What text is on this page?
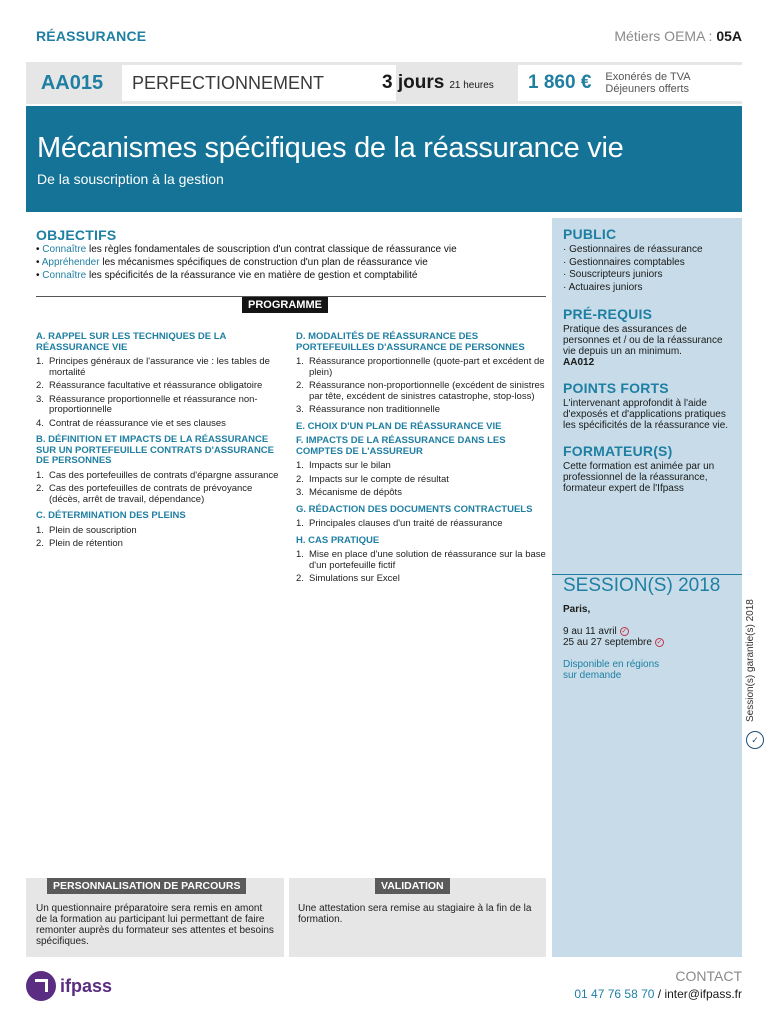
RÉASSURANCE	Métiers OEMA : 05A
AA015	PERFECTIONNEMENT	3 jours 21 heures 1 860 € Exonérés de TVA
Déjeuners offerts
Mécanismes spécifiques de la réassurance vie
De la souscription à la gestion
OBJECTIFS
• Connaître les règles fondamentales de souscription d'un contrat classique de réassurance vie
• Appréhender les mécanismes spécifiques de construction d'un plan de réassurance vie
• Connaître les spécificités de la réassurance vie en matière de gestion et comptabilité
PROGRAMME
A. RAPPEL SUR LES TECHNIQUES DE LA RÉASSURANCE VIE
1. Principes généraux de l'assurance vie : les tables de mortalité
2. Réassurance facultative et réassurance obligatoire
3. Réassurance proportionnelle et réassurance non-proportionnelle
4. Contrat de réassurance vie et ses clauses
B. DÉFINITION ET IMPACTS DE LA RÉASSURANCE SUR UN PORTEFEUILLE CONTRATS D'ASSURANCE DE PERSONNES
1. Cas des portefeuilles de contrats d'épargne assurance
2. Cas des portefeuilles de contrats de prévoyance (décès, arrêt de travail, dépendance)
C. DÉTERMINATION DES PLEINS
1. Plein de souscription
2. Plein de rétention
D. MODALITÉS DE RÉASSURANCE DES PORTEFEUILLES D'ASSURANCE DE PERSONNES
1. Réassurance proportionnelle (quote-part et excédent de plein)
2. Réassurance non-proportionnelle (excédent de sinistres par tête, excédent de sinistres catastrophe, stop-loss)
3. Réassurance non traditionnelle
E. CHOIX D'UN PLAN DE RÉASSURANCE VIE
F. IMPACTS DE LA RÉASSURANCE DANS LES COMPTES DE L'ASSUREUR
1. Impacts sur le bilan
2. Impacts sur le compte de résultat
3. Mécanisme de dépôts
G. RÉDACTION DES DOCUMENTS CONTRACTUELS
1. Principales clauses d'un traité de réassurance
H. CAS PRATIQUE
1. Mise en place d'une solution de réassurance sur la base d'un portefeuille fictif
2. Simulations sur Excel
PUBLIC
· Gestionnaires de réassurance
· Gestionnaires comptables
· Souscripteurs juniors
· Actuaires juniors
PRÉ-REQUIS
Pratique des assurances de personnes et / ou de la réassurance vie depuis un an minimum.
AA012
POINTS FORTS
L'intervenant approfondit à l'aide d'exposés et d'applications pratiques les spécificités de la réassurance vie.
FORMATEUR(S)
Cette formation est animée par un professionnel de la réassurance, formateur expert de l'Ifpass
SESSION(S) 2018
Paris,

9 au 11 avril ✓
25 au 27 septembre ✓

Disponible en régions
sur demande	Session(s) garantie(s) 2018
✓
PERSONNALISATION DE PARCOURS
Un questionnaire préparatoire sera remis en amont de la formation au participant lui permettant de faire remonter auprès du formateur ses attentes et besoins spécifiques.
VALIDATION
Une attestation sera remise au stagiaire à la fin de la formation.
ifpass	CONTACT
01 47 76 58 70 / inter@ifpass.fr
